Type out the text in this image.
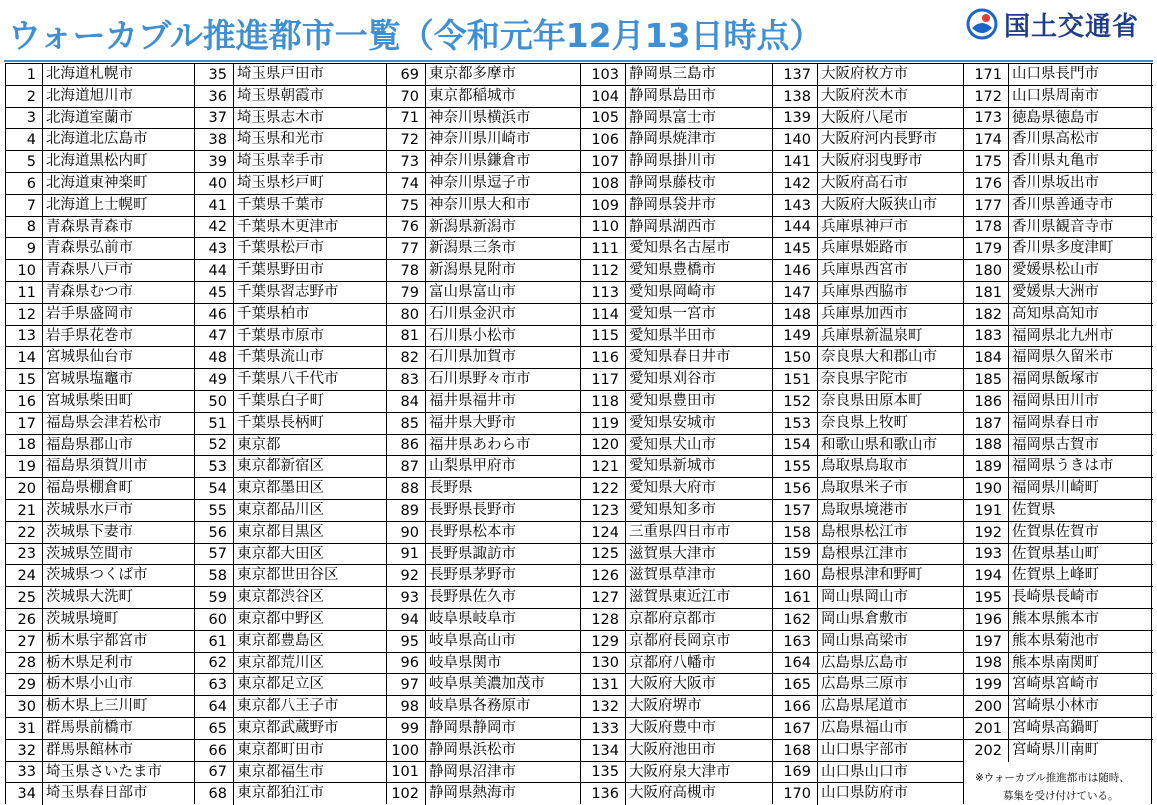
ウォーカブル推進都市一覧（令和元年12月13日時点）	国土交通省
1 北海道札幌市
2 北海道旭川市
3 北海道室蘭市
4 北海道北広島市
5 北海道黒松内町
6 北海道東神楽町
7 北海道上士幌町
8 青森県青森市
9 青森県弘前市
10 青森県八戸市
11 青森県むつ市
12 岩手県盛岡市
13 岩手県花巻市
14 宮城県仙台市
15 宮城県塩竈市
16 宮城県柴田町
17 福島県会津若松市
18 福島県郡山市
19 福島県須賀川市
20 福島県棚倉町
21 茨城県水戸市
22 茨城県下妻市
23 茨城県笠間市
24 茨城県つくば市
25 茨城県大洗町
26 茨城県境町
27 栃木県宇都宮市
28 栃木県足利市
29 栃木県小山市
30 栃木県上三川町
31 群馬県前橋市
32 群馬県館林市
33 埼玉県さいたま市
34 埼玉県春日部市
35 埼玉県戸田市
36 埼玉県朝霞市
37 埼玉県志木市
38 埼玉県和光市
39 埼玉県幸手市
40 埼玉県杉戸町
41 千葉県千葉市
42 千葉県木更津市
43 千葉県松戸市
44 千葉県野田市
45 千葉県習志野市
46 千葉県柏市
47 千葉県市原市
48 千葉県流山市
49 千葉県八千代市
50 千葉県白子町
51 千葉県長柄町
52 東京都
53 東京都新宿区
54 東京都墨田区
55 東京都品川区
56 東京都目黒区
57 東京都大田区
58 東京都世田谷区
59 東京都渋谷区
60 東京都中野区
61 東京都豊島区
62 東京都荒川区
63 東京都足立区
64 東京都八王子市
65 東京都武蔵野市
66 東京都町田市
67 東京都福生市
68 東京都狛江市
69 東京都多摩市
70 東京都稲城市
71 神奈川県横浜市
72 神奈川県川崎市
73 神奈川県鎌倉市
74 神奈川県逗子市
75 神奈川県大和市
76 新潟県新潟市
77 新潟県三条市
78 新潟県見附市
79 富山県富山市
80 石川県金沢市
81 石川県小松市
82 石川県加賀市
83 石川県野々市市
84 福井県福井市
85 福井県大野市
86 福井県あわら市
87 山梨県甲府市
88 長野県
89 長野県長野市
90 長野県松本市
91 長野県諏訪市
92 長野県茅野市
93 長野県佐久市
94 岐阜県岐阜市
95 岐阜県高山市
96 岐阜県関市
97 岐阜県美濃加茂市
98 岐阜県各務原市
99 静岡県静岡市
100 静岡県浜松市
101 静岡県沼津市
102 静岡県熱海市
103 静岡県三島市
104 静岡県島田市
105 静岡県富士市
106 静岡県焼津市
107 静岡県掛川市
108 静岡県藤枝市
109 静岡県袋井市
110 静岡県湖西市
111 愛知県名古屋市
112 愛知県豊橋市
113 愛知県岡崎市
114 愛知県一宮市
115 愛知県半田市
116 愛知県春日井市
117 愛知県刈谷市
118 愛知県豊田市
119 愛知県安城市
120 愛知県犬山市
121 愛知県新城市
122 愛知県大府市
123 愛知県知多市
124 三重県四日市市
125 滋賀県大津市
126 滋賀県草津市
127 滋賀県東近江市
128 京都府京都市
129 京都府長岡京市
130 京都府八幡市
131 大阪府大阪市
132 大阪府堺市
133 大阪府豊中市
134 大阪府池田市
135 大阪府泉大津市
136 大阪府高槻市
137 大阪府枚方市
138 大阪府茨木市
139 大阪府八尾市
140 大阪府河内長野市
141 大阪府羽曳野市
142 大阪府高石市
143 大阪府大阪狭山市
144 兵庫県神戸市
145 兵庫県姫路市
146 兵庫県西宮市
147 兵庫県西脇市
148 兵庫県加西市
149 兵庫県新温泉町
150 奈良県大和郡山市
151 奈良県宇陀市
152 奈良県田原本町
153 奈良県上牧町
154 和歌山県和歌山市
155 鳥取県鳥取市
156 鳥取県米子市
157 鳥取県境港市
158 島根県松江市
159 島根県江津市
160 島根県津和野町
161 岡山県岡山市
162 岡山県倉敷市
163 岡山県高梁市
164 広島県広島市
165 広島県三原市
166 広島県尾道市
167 広島県福山市
168 山口県宇部市
169 山口県山口市
170 山口県防府市
171 山口県長門市
172 山口県周南市
173 徳島県徳島市
174 香川県高松市
175 香川県丸亀市
176 香川県坂出市
177 香川県善通寺市
178 香川県観音寺市
179 香川県多度津町
180 愛媛県松山市
181 愛媛県大洲市
182 高知県高知市
183 福岡県北九州市
184 福岡県久留米市
185 福岡県飯塚市
186 福岡県田川市
187 福岡県春日市
188 福岡県古賀市
189 福岡県うきは市
190 福岡県川崎町
191 佐賀県
192 佐賀県佐賀市
193 佐賀県基山町
194 佐賀県上峰町
195 長崎県長崎市
196 熊本県熊本市
197 熊本県菊池市
198 熊本県南関町
199 宮崎県宮崎市
200 宮崎県小林市
201 宮崎県高鍋町
202 宮崎県川南町
※ウォーカブル推進都市は随時、
募集を受け付けている。
